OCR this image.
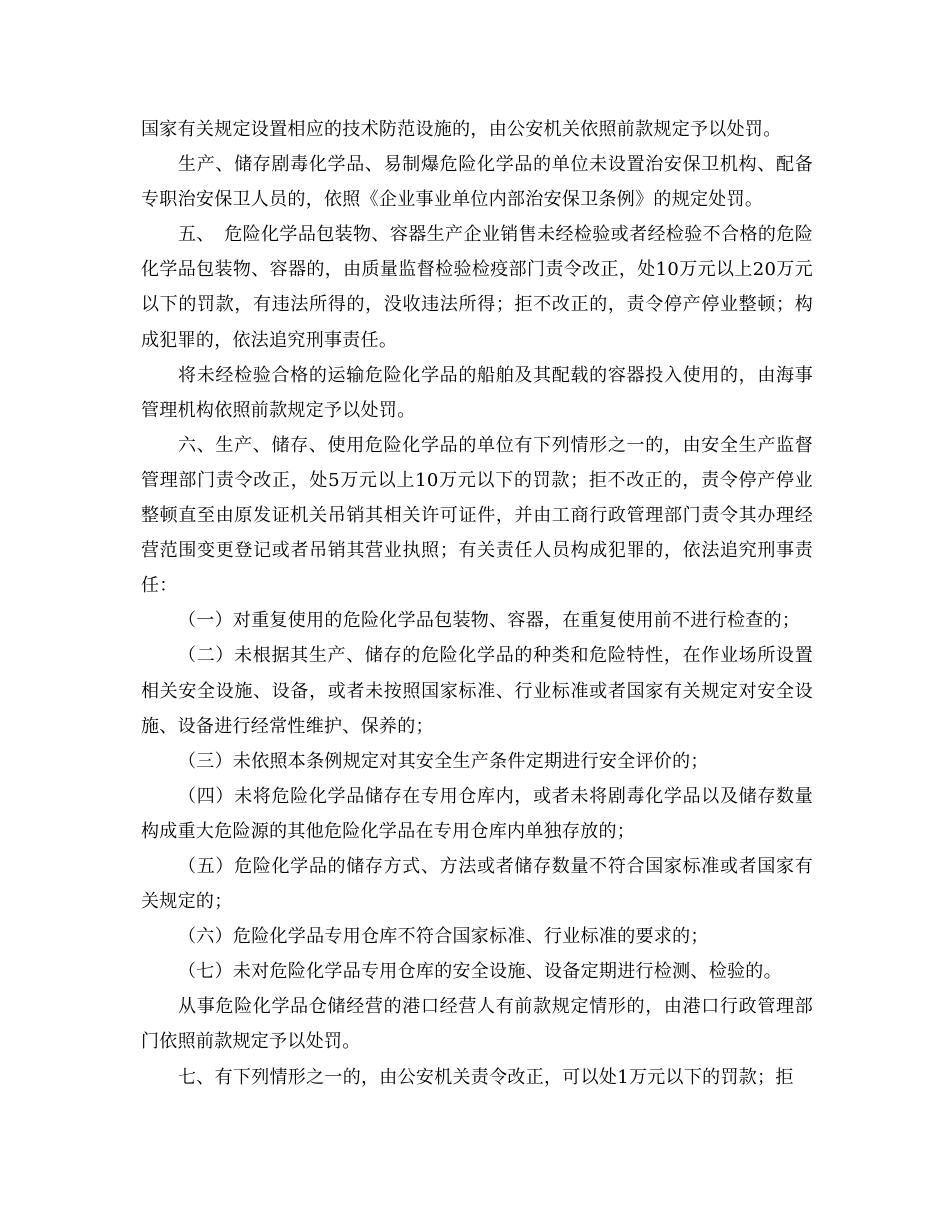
国家有关规定设置相应的技术防范设施的，由公安机关依照前款规定予以处罚。

生产、储存剧毒化学品、易制爆危险化学品的单位未设置治安保卫机构、配备专职治安保卫人员的，依照《企业事业单位内部治安保卫条例》的规定处罚。

五、　危险化学品包装物、容器生产企业销售未经检验或者经检验不合格的危险化学品包装物、容器的，由质量监督检验检疫部门责令改正，处10万元以上20万元以下的罚款，有违法所得的，没收违法所得；拒不改正的，责令停产停业整顿；构成犯罪的，依法追究刑事责任。

将未经检验合格的运输危险化学品的船舶及其配载的容器投入使用的，由海事管理机构依照前款规定予以处罚。

六、生产、储存、使用危险化学品的单位有下列情形之一的，由安全生产监督管理部门责令改正，处5万元以上10万元以下的罚款；拒不改正的，责令停产停业整顿直至由原发证机关吊销其相关许可证件，并由工商行政管理部门责令其办理经营范围变更登记或者吊销其营业执照；有关责任人员构成犯罪的，依法追究刑事责任：

（一）对重复使用的危险化学品包装物、容器，在重复使用前不进行检查的；

（二）未根据其生产、储存的危险化学品的种类和危险特性，在作业场所设置相关安全设施、设备，或者未按照国家标准、行业标准或者国家有关规定对安全设施、设备进行经常性维护、保养的；

（三）未依照本条例规定对其安全生产条件定期进行安全评价的；

（四）未将危险化学品储存在专用仓库内，或者未将剧毒化学品以及储存数量构成重大危险源的其他危险化学品在专用仓库内单独存放的；

（五）危险化学品的储存方式、方法或者储存数量不符合国家标准或者国家有关规定的；

（六）危险化学品专用仓库不符合国家标准、行业标准的要求的；

（七）未对危险化学品专用仓库的安全设施、设备定期进行检测、检验的。

从事危险化学品仓储经营的港口经营人有前款规定情形的，由港口行政管理部门依照前款规定予以处罚。

七、有下列情形之一的，由公安机关责令改正，可以处1万元以下的罚款；拒
